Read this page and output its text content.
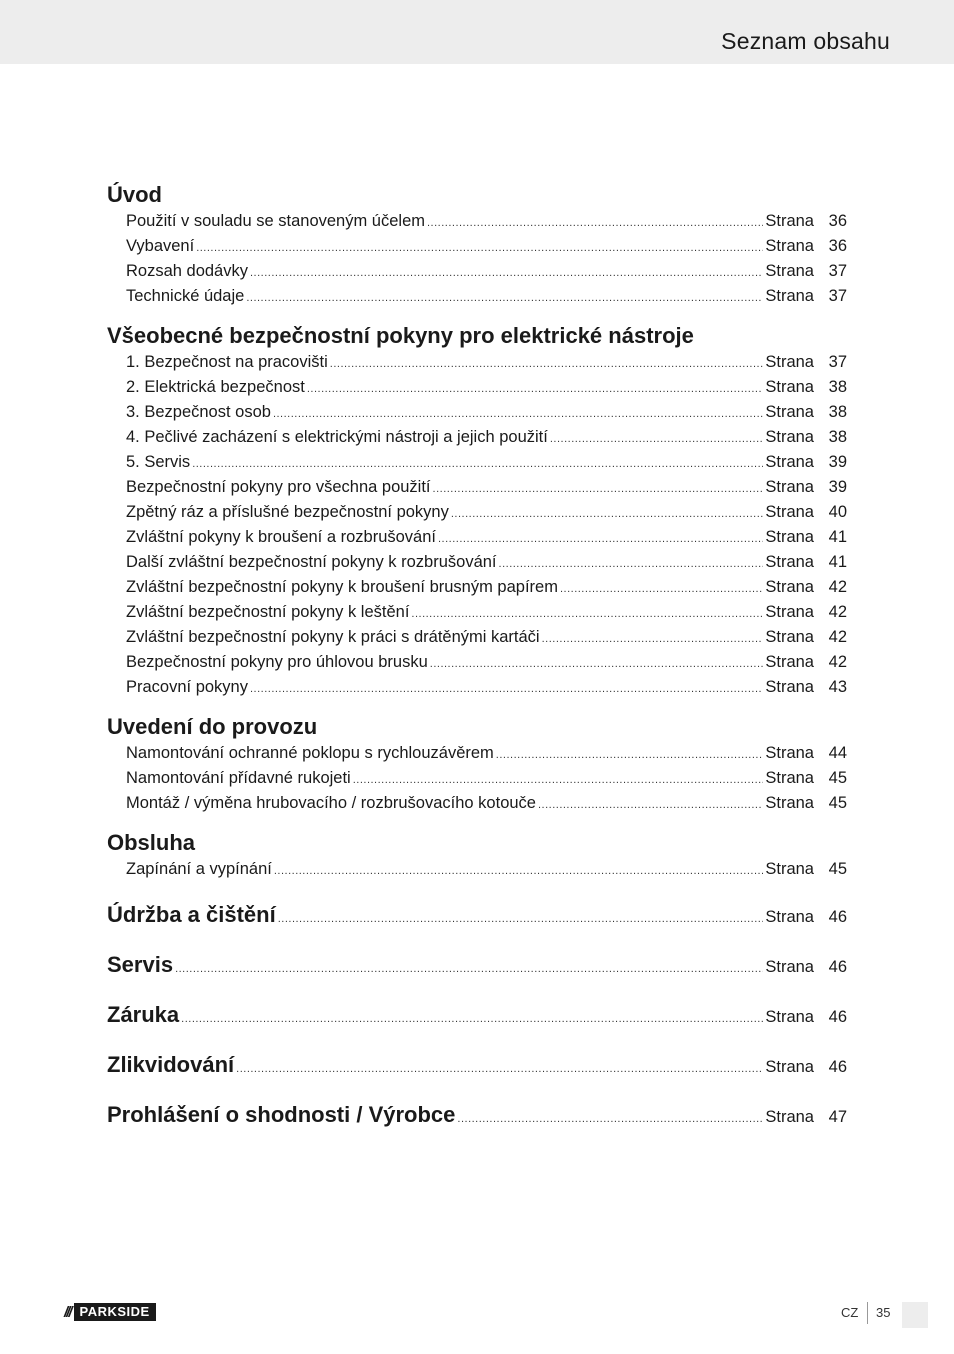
Seznam obsahu
Úvod
Použití v souladu se stanoveným účelem .....	Strana 36
Vybavení .....	Strana 36
Rozsah dodávky .....	Strana 37
Technické údaje .....	Strana 37
Všeobecné bezpečnostní pokyny pro elektrické nástroje
1. Bezpečnost na pracovišti .....	Strana 37
2. Elektrická bezpečnost .....	Strana 38
3. Bezpečnost osob .....	Strana 38
4. Pečlivé zacházení s elektrickými nástroji a jejich použití .....	Strana 38
5. Servis .....	Strana 39
Bezpečnostní pokyny pro všechna použití .....	Strana 39
Zpětný ráz a příslušné bezpečnostní pokyny .....	Strana 40
Zvláštní pokyny k broušení a rozbrušování .....	Strana 41
Další zvláštní bezpečnostní pokyny k rozbrušování .....	Strana 41
Zvláštní bezpečnostní pokyny k broušení brusným papírem .....	Strana 42
Zvláštní bezpečnostní pokyny k leštění .....	Strana 42
Zvláštní bezpečnostní pokyny k práci s drátěnými kartáči .....	Strana 42
Bezpečnostní pokyny pro úhlovou brusku .....	Strana 42
Pracovní pokyny .....	Strana 43
Uvedení do provozu
Namontování ochranné poklopu s rychlouzávěrem .....	Strana 44
Namontování přídavné rukojeti .....	Strana 45
Montáž / výměna hrubovacího / rozbrušovacího kotouče .....	Strana 45
Obsluha
Zapínání a vypínání .....	Strana 45
Údržba a čištění .....	Strana 46
Servis .....	Strana 46
Záruka .....	Strana 46
Zlikvidování .....	Strana 46
Prohlášení o shodnosti / Výrobce .....	Strana 47
/// PARKSIDE	CZ 35
